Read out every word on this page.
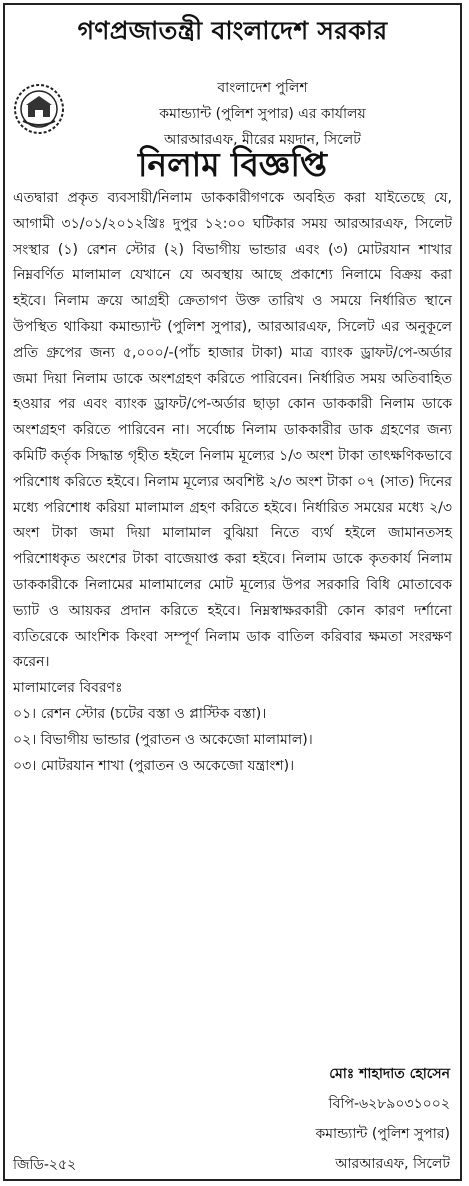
গণপ্রজাতন্ত্রী বাংলাদেশ সরকার
বাংলাদেশ পুলিশ
কমান্ড্যান্ট (পুলিশ সুপার) এর কার্যালয়
আরআরএফ, মীরের ময়দান, সিলেট
নিলাম বিজ্ঞপ্তি

এতদ্বারা প্রকৃত ব্যবসায়ী/নিলাম ডাককারীগণকে অবহিত করা যাইতেছে যে, আগামী ৩১/০১/২০১২খ্রিঃ দুপুর ১২:০০ ঘটিকার সময় আরআরএফ, সিলেট সংস্থার (১) রেশন স্টোর (২) বিভাগীয় ভান্ডার এবং (৩) মোটরযান শাখার নিম্নবর্ণিত মালামাল যেখানে যে অবস্থায় আছে প্রকাশ্যে নিলামে বিক্রয় করা হইবে। নিলাম ক্রয়ে আগ্রহী ক্রেতাগণ উক্ত তারিখ ও সময়ে নির্ধারিত স্থানে উপস্থিত থাকিয়া কমান্ড্যান্ট (পুলিশ সুপার), আরআরএফ, সিলেট এর অনুকূলে প্রতি গ্রুপের জন্য ৫,০০০/-(পাঁচ হাজার টাকা) মাত্র ব্যাংক ড্রাফট/পে-অর্ডার জমা দিয়া নিলাম ডাকে অংশগ্রহণ করিতে পারিবেন। নির্ধারিত সময় অতিবাহিত হওয়ার পর এবং ব্যাংক ড্রাফট/পে-অর্ডার ছাড়া কোন ডাককারী নিলাম ডাকে অংশগ্রহণ করিতে পারিবেন না। সর্বোচ্চ নিলাম ডাককারীর ডাক গ্রহণের জন্য কমিটি কর্তৃক সিদ্ধান্ত গৃহীত হইলে নিলাম মূল্যের ১/৩ অংশ টাকা তাৎক্ষণিকভাবে পরিশোধ করিতে হইবে। নিলাম মূল্যের অবশিষ্ট ২/৩ অংশ টাকা ০৭ (সাত) দিনের মধ্যে পরিশোধ করিয়া মালামাল গ্রহণ করিতে হইবে। নির্ধারিত সময়ের মধ্যে ২/৩ অংশ টাকা জমা দিয়া মালামাল বুঝিয়া নিতে ব্যর্থ হইলে জামানতসহ পরিশোধকৃত অংশের টাকা বাজেয়াপ্ত করা হইবে। নিলাম ডাকে কৃতকার্য নিলাম ডাককারীকে নিলামের মালামালের মোট মূল্যের উপর সরকারি বিধি মোতাবেক ভ্যাট ও আয়কর প্রদান করিতে হইবে। নিম্নস্বাক্ষরকারী কোন কারণ দর্শানো ব্যতিরেকে আংশিক কিংবা সম্পূর্ণ নিলাম ডাক বাতিল করিবার ক্ষমতা সংরক্ষণ করেন।

মালামালের বিবরণঃ
০১। রেশন স্টোর (চটের বস্তা ও প্লাস্টিক বস্তা)।
০২। বিভাগীয় ভান্ডার (পুরাতন ও অকেজো মালামাল)।
০৩। মোটরযান শাখা (পুরাতন ও অকেজো যন্ত্রাংশ)।
মোঃ শাহাদাত হোসেন
বিপি-৬২৮৯০৩১০০২
কমান্ড্যান্ট (পুলিশ সুপার)
আরআরএফ, সিলেট
জিডি-২৫২
